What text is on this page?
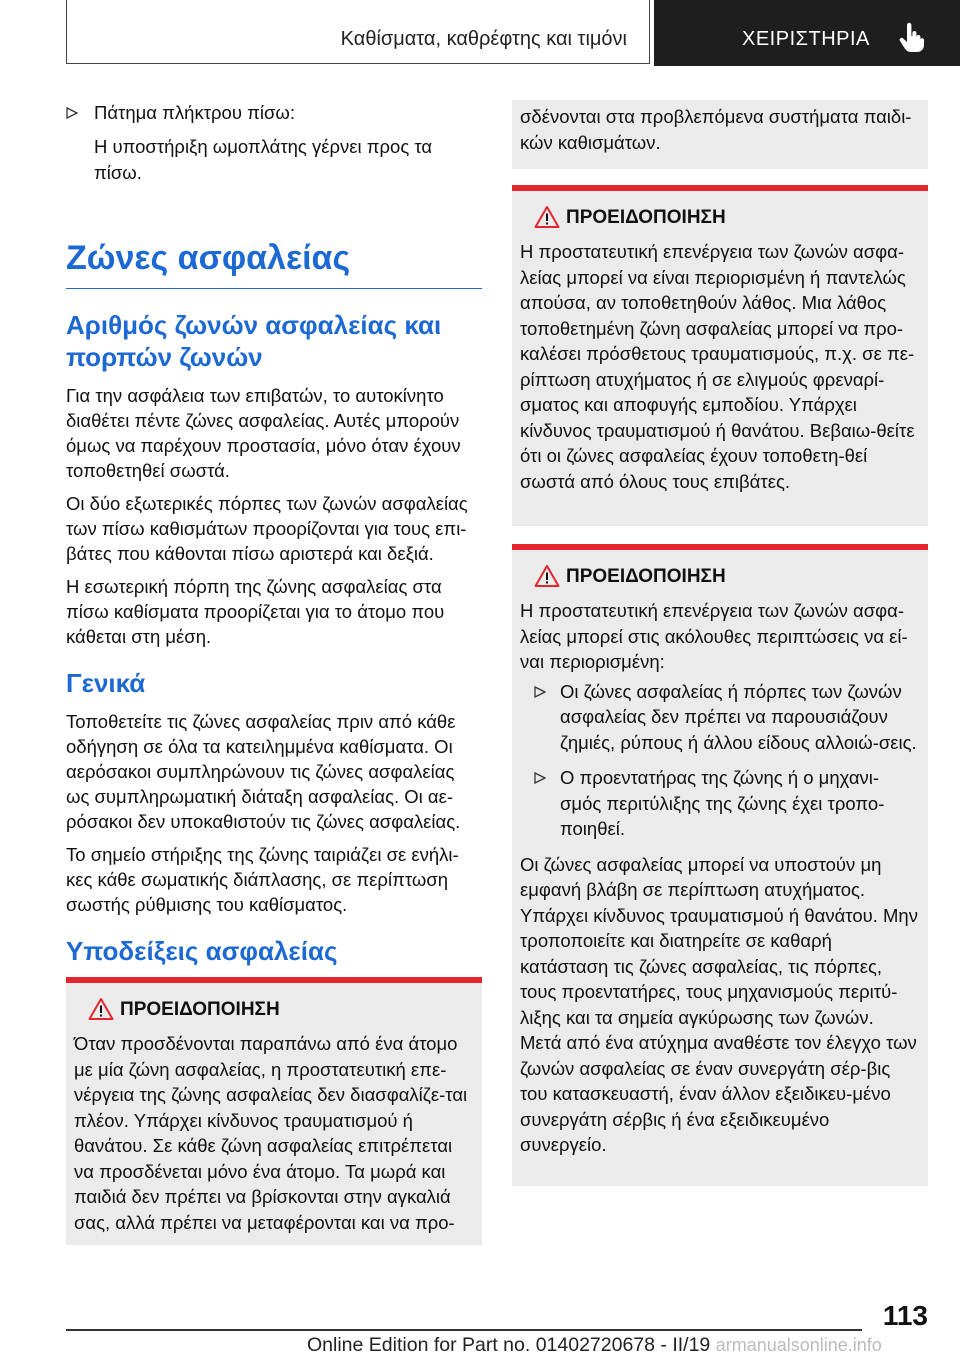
Καθίσματα, καθρέφτης και τιμόνι	ΧΕΙΡΙΣΤΗΡΙΑ
Πάτημα πλήκτρου πίσω:
Η υποστήριξη ωμοπλάτης γέρνει προς τα πίσω.
Ζώνες ασφαλείας
Αριθμός ζωνών ασφαλείας και πορπών ζωνών
Για την ασφάλεια των επιβατών, το αυτοκίνητο διαθέτει πέντε ζώνες ασφαλείας. Αυτές μπορούν όμως να παρέχουν προστασία, μόνο όταν έχουν τοποθετηθεί σωστά.
Οι δύο εξωτερικές πόρπες των ζωνών ασφαλείας των πίσω καθισμάτων προορίζονται για τους επι-βάτες που κάθονται πίσω αριστερά και δεξιά.
Η εσωτερική πόρπη της ζώνης ασφαλείας στα πίσω καθίσματα προορίζεται για το άτομο που κάθεται στη μέση.
Γενικά
Τοποθετείτε τις ζώνες ασφαλείας πριν από κάθε οδήγηση σε όλα τα κατειλημμένα καθίσματα. Οι αερόσακοι συμπληρώνουν τις ζώνες ασφαλείας ως συμπληρωματική διάταξη ασφαλείας. Οι αε-ρόσακοι δεν υποκαθιστούν τις ζώνες ασφαλείας.
Το σημείο στήριξης της ζώνης ταιριάζει σε ενήλι-κες κάθε σωματικής διάπλασης, σε περίπτωση σωστής ρύθμισης του καθίσματος.
Υποδείξεις ασφαλείας
ΠΡΟΕΙΔΟΠΟΙΗΣΗ
Όταν προσδένονται παραπάνω από ένα άτομο με μία ζώνη ασφαλείας, η προστατευτική επε-νέργεια της ζώνης ασφαλείας δεν διασφαλίζε-ται πλέον. Υπάρχει κίνδυνος τραυματισμού ή θανάτου. Σε κάθε ζώνη ασφαλείας επιτρέπεται να προσδένεται μόνο ένα άτομο. Τα μωρά και παιδιά δεν πρέπει να βρίσκονται στην αγκαλιά σας, αλλά πρέπει να μεταφέρονται και να προ-
σδένονται στα προβλεπόμενα συστήματα παιδι-κών καθισμάτων.
ΠΡΟΕΙΔΟΠΟΙΗΣΗ
Η προστατευτική επενέργεια των ζωνών ασφα-λείας μπορεί να είναι περιορισμένη ή παντελώς απούσα, αν τοποθετηθούν λάθος. Μια λάθος τοποθετημένη ζώνη ασφαλείας μπορεί να προ-καλέσει πρόσθετους τραυματισμούς, π.χ. σε πε-ρίπτωση ατυχήματος ή σε ελιγμούς φρεναρί-σματος και αποφυγής εμποδίου. Υπάρχει κίνδυνος τραυματισμού ή θανάτου. Βεβαιω-θείτε ότι οι ζώνες ασφαλείας έχουν τοποθετη-θεί σωστά από όλους τους επιβάτες.
ΠΡΟΕΙΔΟΠΟΙΗΣΗ
Η προστατευτική επενέργεια των ζωνών ασφα-λείας μπορεί στις ακόλουθες περιπτώσεις να εί-ναι περιορισμένη:
Οι ζώνες ασφαλείας ή πόρπες των ζωνών ασφαλείας δεν πρέπει να παρουσιάζουν ζημιές, ρύπους ή άλλου είδους αλλοιώ-σεις.
Ο προεντατήρας της ζώνης ή ο μηχανι-σμός περιτύλιξης της ζώνης έχει τροπο-ποιηθεί.
Οι ζώνες ασφαλείας μπορεί να υποστούν μη εμφανή βλάβη σε περίπτωση ατυχήματος. Υπάρχει κίνδυνος τραυματισμού ή θανάτου. Μην τροποποιείτε και διατηρείτε σε καθαρή κατάσταση τις ζώνες ασφαλείας, τις πόρπες, τους προεντατήρες, τους μηχανισμούς περιτύ-λιξης και τα σημεία αγκύρωσης των ζωνών. Μετά από ένα ατύχημα αναθέστε τον έλεγχο των ζωνών ασφαλείας σε έναν συνεργάτη σέρ-βις του κατασκευαστή, έναν άλλον εξειδικευ-μένο συνεργάτη σέρβις ή ένα εξειδικευμένο συνεργείο.
113
Online Edition for Part no. 01402720678 - II/19 armanualsonline.info
